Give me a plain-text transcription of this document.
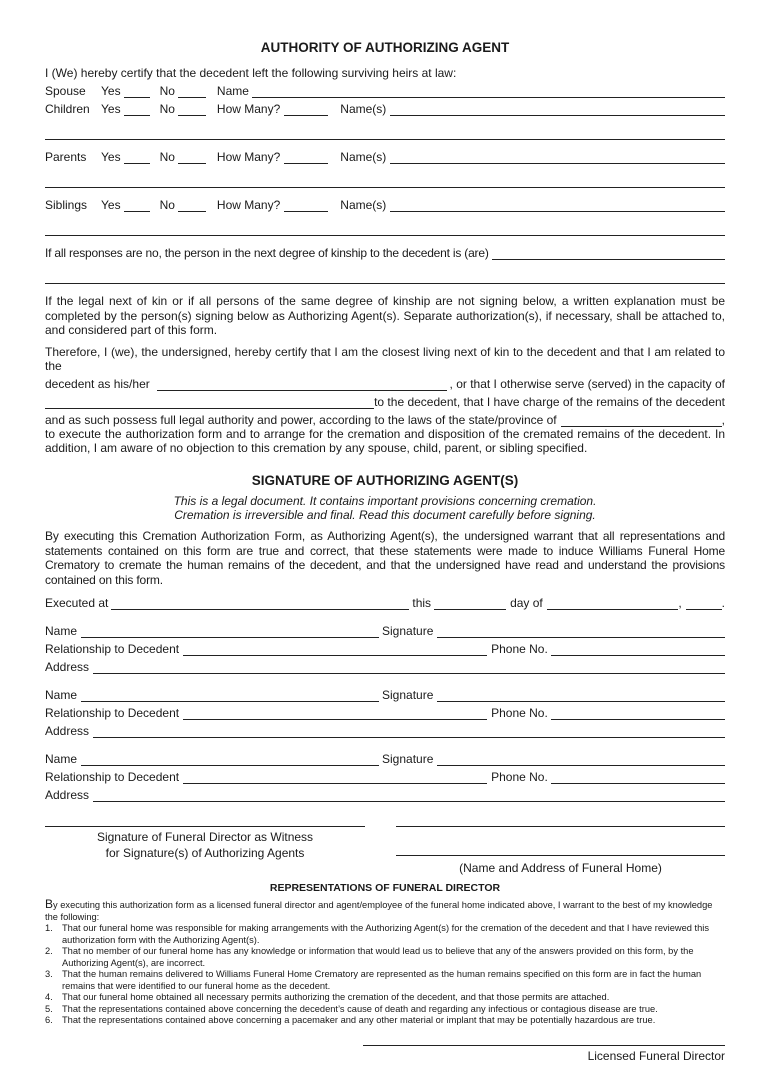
AUTHORITY OF AUTHORIZING AGENT
I (We) hereby certify that the decedent left the following surviving heirs at law:
Spouse	Yes	No	Name
Children Yes	No	How Many?	Name(s)
Parents	Yes	No	How Many?	Name(s)
Siblings	Yes	No	How Many?	Name(s)
If all responses are no, the person in the next degree of kinship to the decedent is (are)

If the legal next of kin or if all persons of the same degree of kinship are not signing below, a written explanation must be completed by the person(s) signing below as Authorizing Agent(s). Separate authorization(s), if necessary, shall be attached to, and considered part of this form.

Therefore, I (we), the undersigned, hereby certify that I am the closest living next of kin to the decedent and that I am related to the
decedent as his/her	, or that I otherwise serve (served) in the capacity of
to the decedent, that I have charge of the remains of the decedent
and as such possess full legal authority and power, according to the laws of the state/province of	,

to execute the authorization form and to arrange for the cremation and disposition of the cremated remains of the decedent. In addition, I am aware of no objection to this cremation by any spouse, child, parent, or sibling specified.

SIGNATURE OF AUTHORIZING AGENT(S)
This is a legal document. It contains important provisions concerning cremation.
Cremation is irreversible and final. Read this document carefully before signing.

By executing this Cremation Authorization Form, as Authorizing Agent(s), the undersigned warrant that all representations and statements contained on this form are true and correct, that these statements were made to induce Williams Funeral Home Crematory to cremate the human remains of the decedent, and that the undersigned have read and understand the provisions contained on this form.

Executed at	this	day of	,	.
Name	Signature
Relationship to Decedent	Phone No.
Address
Name	Signature
Relationship to Decedent	Phone No.
Address
Name	Signature
Relationship to Decedent	Phone No.
Address
Signature of Funeral Director as Witness
for Signature(s) of Authorizing Agents
(Name and Address of Funeral Home)
REPRESENTATIONS OF FUNERAL DIRECTOR
By executing this authorization form as a licensed funeral director and agent/employee of the funeral home indicated above, I warrant to the best of my knowledge the following:
1. That our funeral home was responsible for making arrangements with the Authorizing Agent(s) for the cremation of the decedent and that I have reviewed this authorization form with the Authorizing Agent(s).
2. That no member of our funeral home has any knowledge or information that would lead us to believe that any of the answers provided on this form, by the Authorizing Agent(s), are incorrect.
3. That the human remains delivered to Williams Funeral Home Crematory are represented as the human remains specified on this form are in fact the human remains that were identified to our funeral home as the decedent.
4. That our funeral home obtained all necessary permits authorizing the cremation of the decedent, and that those permits are attached.
5. That the representations contained above concerning the decedent’s cause of death and regarding any infectious or contagious disease are true.
6. That the representations contained above concerning a pacemaker and any other material or implant that may be potentially hazardous are true.
Licensed Funeral Director
